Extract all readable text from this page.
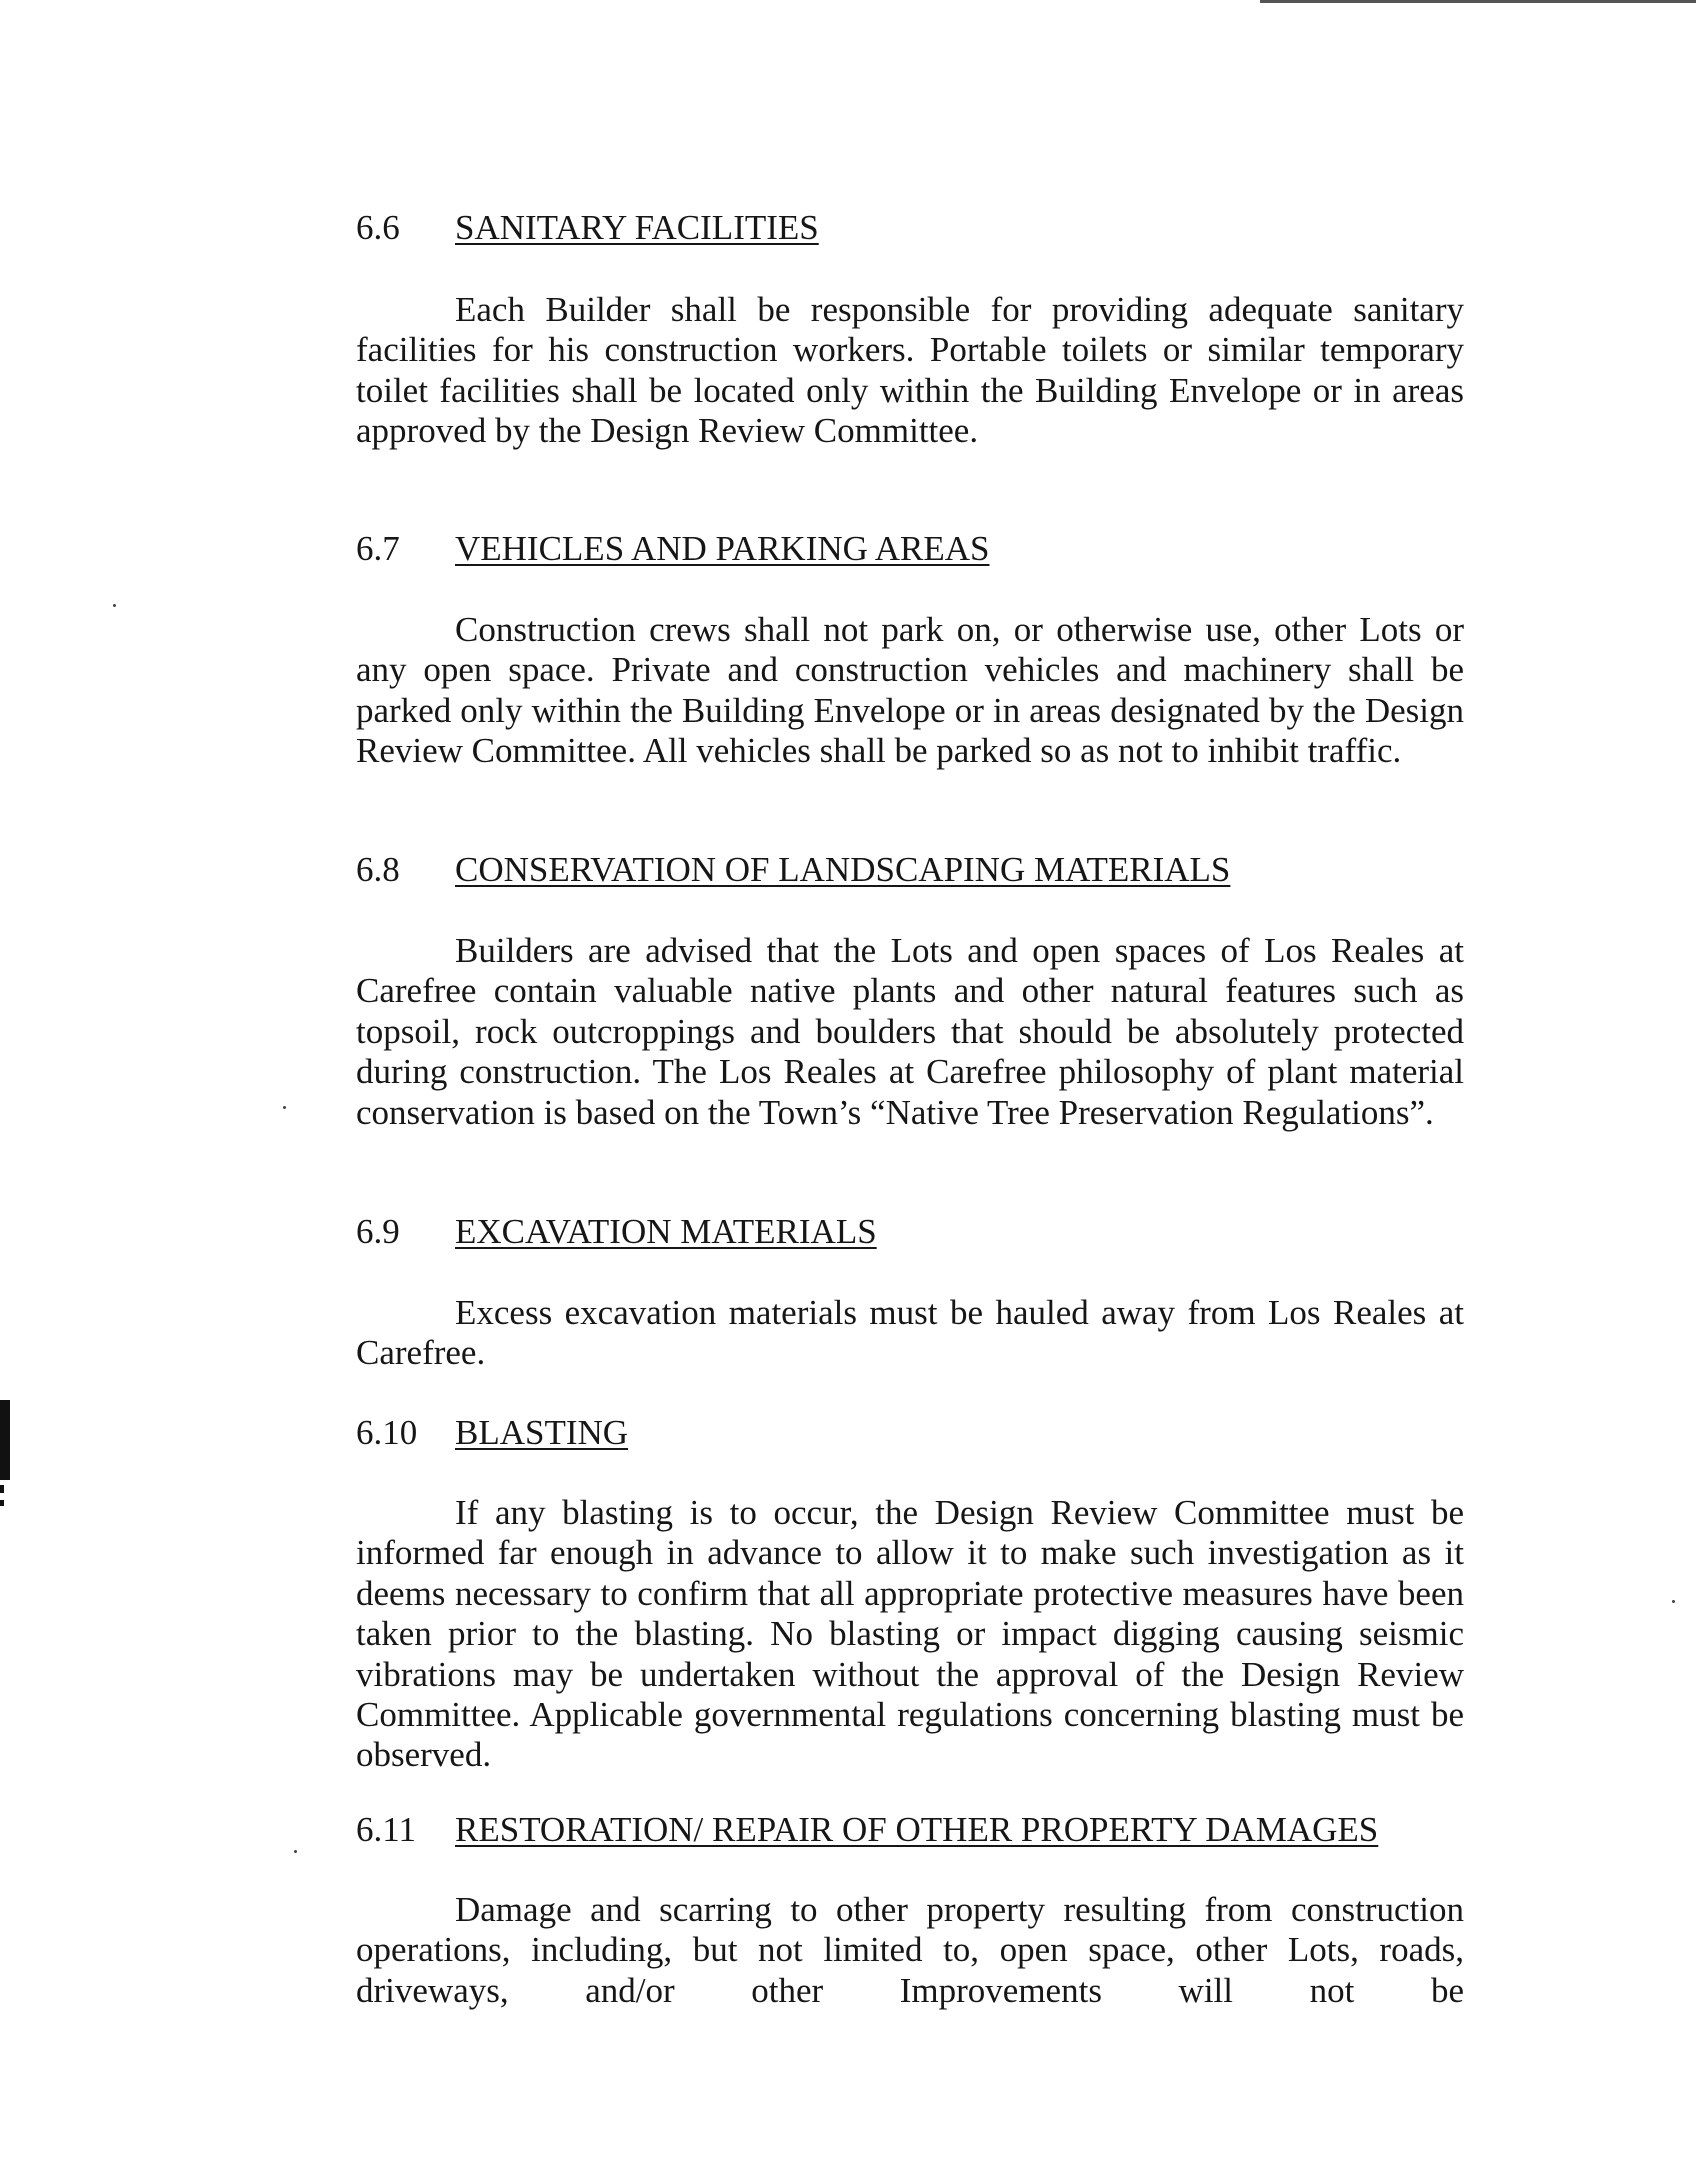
6.6 SANITARY FACILITIES

Each Builder shall be responsible for providing adequate sanitary facilities for his construction workers. Portable toilets or similar temporary toilet facilities shall be located only within the Building Envelope or in areas approved by the Design Review Committee.

6.7 VEHICLES AND PARKING AREAS

Construction crews shall not park on, or otherwise use, other Lots or any open space. Private and construction vehicles and machinery shall be parked only within the Building Envelope or in areas designated by the Design Review Committee. All vehicles shall be parked so as not to inhibit traffic.

6.8 CONSERVATION OF LANDSCAPING MATERIALS

Builders are advised that the Lots and open spaces of Los Reales at Carefree contain valuable native plants and other natural features such as topsoil, rock outcroppings and boulders that should be absolutely protected during construction. The Los Reales at Carefree philosophy of plant material conservation is based on the Town’s “Native Tree Preservation Regulations”.

6.9 EXCAVATION MATERIALS

Excess excavation materials must be hauled away from Los Reales at Carefree.

6.10 BLASTING

If any blasting is to occur, the Design Review Committee must be informed far enough in advance to allow it to make such investigation as it deems necessary to confirm that all appropriate protective measures have been taken prior to the blasting. No blasting or impact digging causing seismic vibrations may be undertaken without the approval of the Design Review Committee. Applicable governmental regulations concerning blasting must be observed.

6.11 RESTORATION/ REPAIR OF OTHER PROPERTY DAMAGES

Damage and scarring to other property resulting from construction operations, including, but not limited to, open space, other Lots, roads, driveways, and/or other Improvements will not be
